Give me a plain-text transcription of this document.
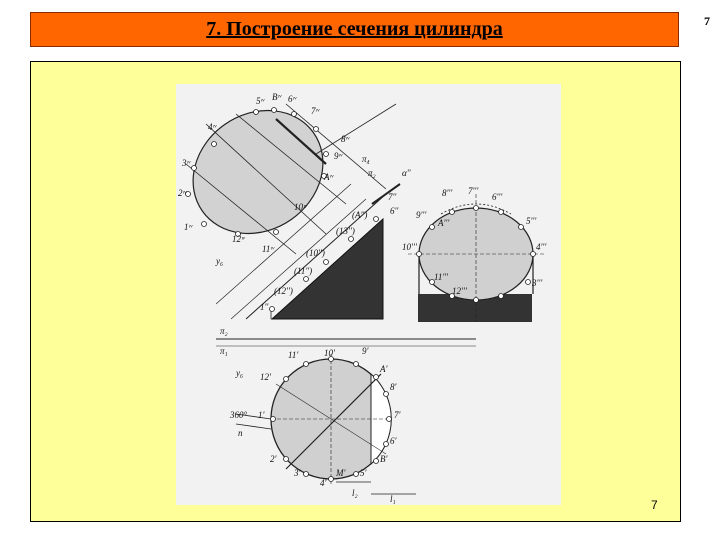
7. Построение сечения цилиндра	7
5ᶦᵛ Bᶦᵛ 6ᶦᵛ
4ᶦᵛ
7ᶦᵛ
3ᶦᵛ
2ᶦᵛ
1ᶦᵛ
12ᶦᵛ
11ᶦᵛ
10ᶦᵛ
Aᶦᵛ
9ᶦᵛ
8ᶦᵛ
π₄
π₂	α''
7''
6''
(A'')
(13'')
(10'')
(11'')
(12'')
1''
y₆
8''' 7'''
6'''
9'''
A'''	5'''
10'''	4'''
11'''
12'''
3'''
π₂
π₁
y₆
11'	10'	9'
A'
12'
8'
7'
1'
360°
n
6'
2'	B'
3'
4'
M' 5'
l₂
l₁	7
